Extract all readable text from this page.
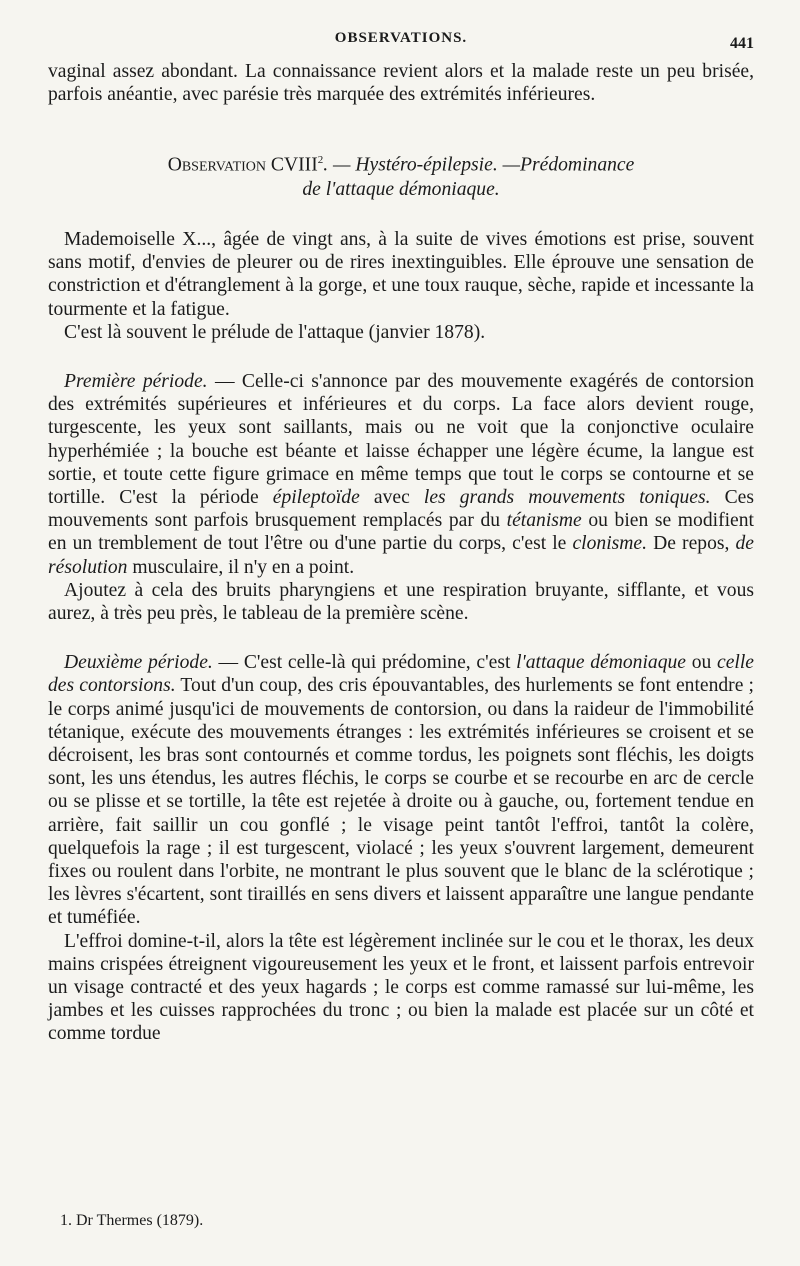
OBSERVATIONS.	441

vaginal assez abondant. La connaissance revient alors et la malade reste un peu brisée, parfois anéantie, avec parésie très marquée des extrémités inférieures.

Observation CVIII$^2$. — Hystéro-épilepsie. —Prédominance
de l'attaque démoniaque.

Mademoiselle X..., âgée de vingt ans, à la suite de vives émotions est prise, souvent sans motif, d'envies de pleurer ou de rires inextinguibles. Elle éprouve une sensation de constriction et d'étranglement à la gorge, et une toux rauque, sèche, rapide et incessante la tourmente et la fatigue.

C'est là souvent le prélude de l'attaque (janvier 1878).

Première période. — Celle-ci s'annonce par des mouvemente exagérés de contorsion des extrémités supérieures et inférieures et du corps. La face alors devient rouge, turgescente, les yeux sont saillants, mais ou ne voit que la conjonctive oculaire hyperhémiée ; la bouche est béante et laisse échapper une légère écume, la langue est sortie, et toute cette figure grimace en même temps que tout le corps se contourne et se tortille. C'est la période épileptoïde avec les grands mouvements toniques. Ces mouvements sont parfois brusquement remplacés par du tétanisme ou bien se modifient en un tremblement de tout l'être ou d'une partie du corps, c'est le clonisme. De repos, de résolution musculaire, il n'y en a point.

Ajoutez à cela des bruits pharyngiens et une respiration bruyante, sifflante, et vous aurez, à très peu près, le tableau de la première scène.

Deuxième période. — C'est celle-là qui prédomine, c'est l'attaque démoniaque ou celle des contorsions. Tout d'un coup, des cris épouvantables, des hurlements se font entendre ; le corps animé jusqu'ici de mouvements de contorsion, ou dans la raideur de l'immobilité tétanique, exécute des mouvements étranges : les extrémités inférieures se croisent et se décroisent, les bras sont contournés et comme tordus, les poignets sont fléchis, les doigts sont, les uns étendus, les autres fléchis, le corps se courbe et se recourbe en arc de cercle ou se plisse et se tortille, la tête est rejetée à droite ou à gauche, ou, fortement tendue en arrière, fait saillir un cou gonflé ; le visage peint tantôt l'effroi, tantôt la colère, quelquefois la rage ; il est turgescent, violacé ; les yeux s'ouvrent largement, demeurent fixes ou roulent dans l'orbite, ne montrant le plus souvent que le blanc de la sclérotique ; les lèvres s'écartent, sont tiraillés en sens divers et laissent apparaître une langue pendante et tuméfiée.

L'effroi domine-t-il, alors la tête est légèrement inclinée sur le cou et le thorax, les deux mains crispées étreignent vigoureusement les yeux et le front, et laissent parfois entrevoir un visage contracté et des yeux hagards ; le corps est comme ramassé sur lui-même, les jambes et les cuisses rapprochées du tronc ; ou bien la malade est placée sur un côté et comme tordue

1. Dr Thermes (1879).
